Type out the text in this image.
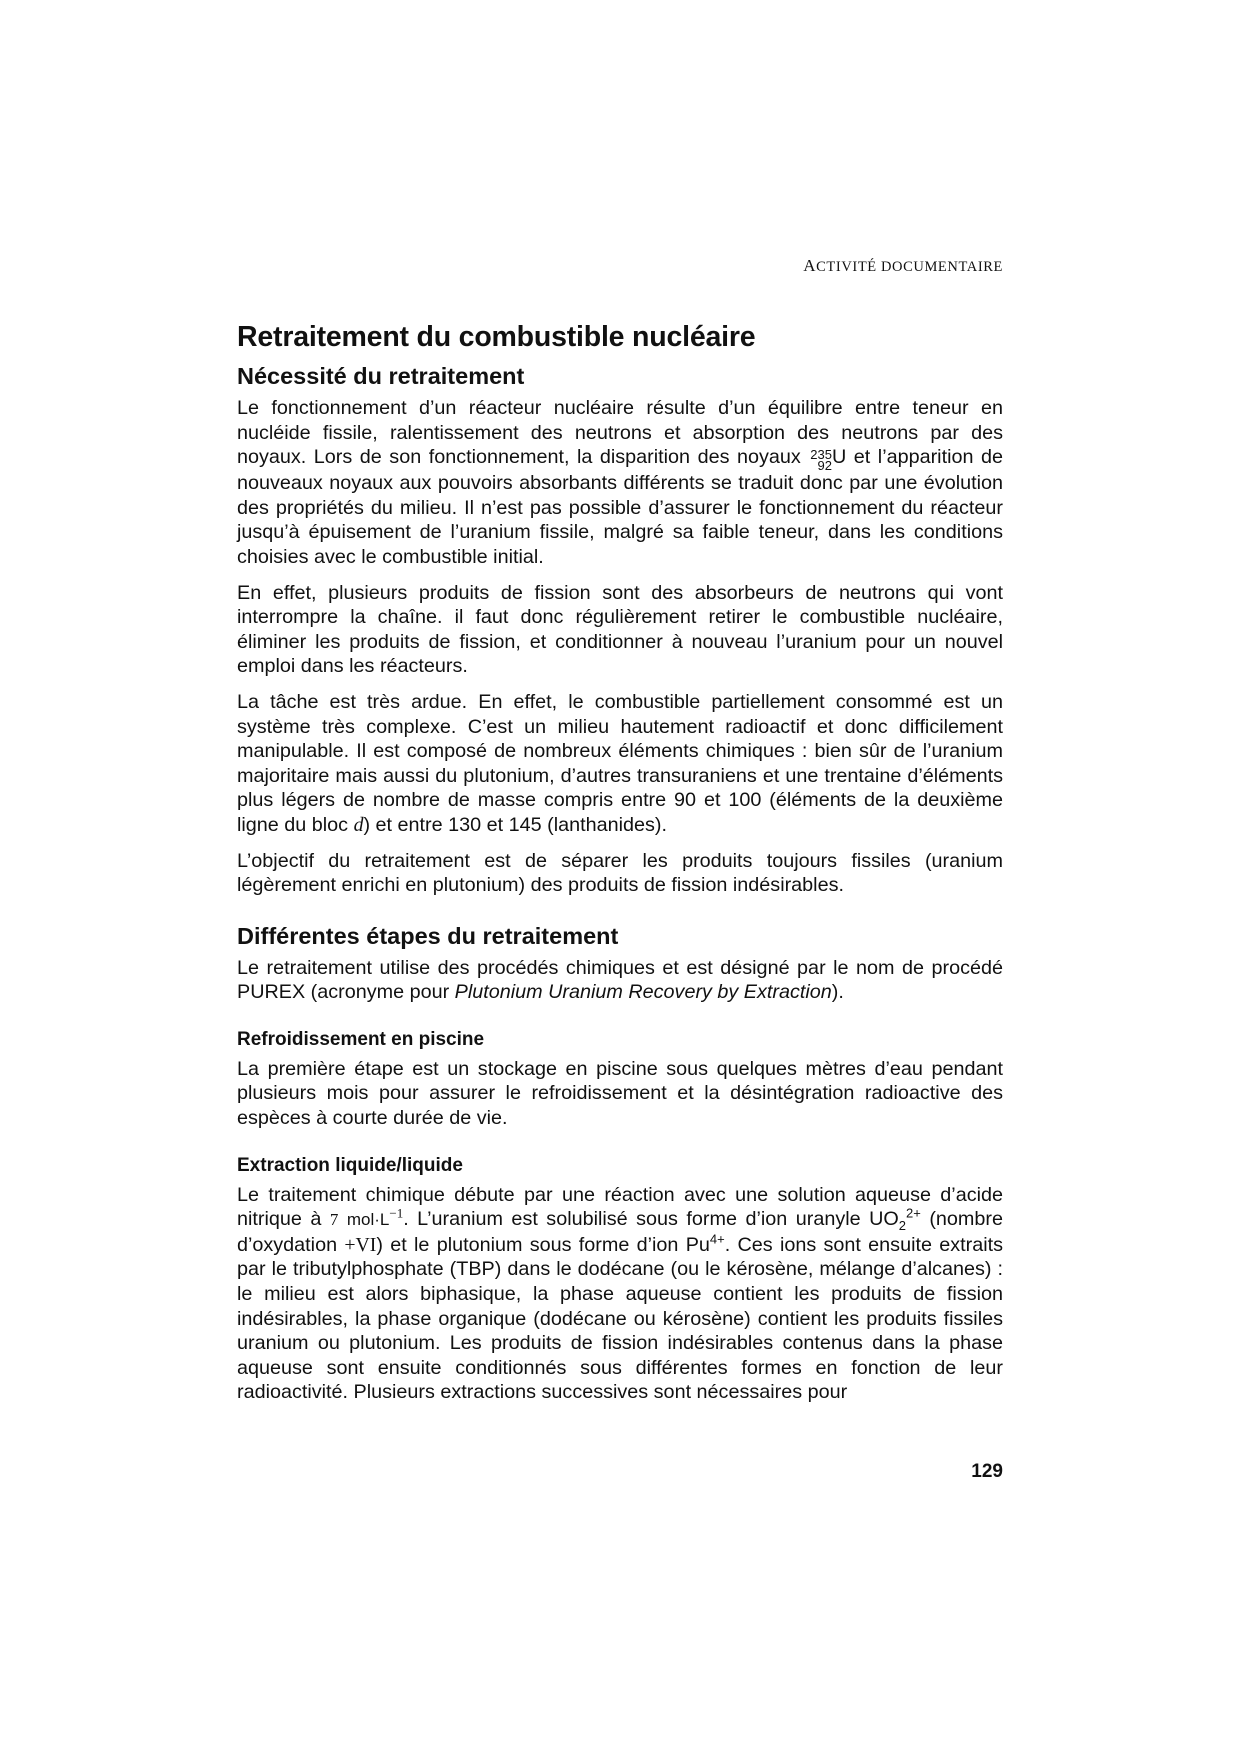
ACTIVITÉ DOCUMENTAIRE
Retraitement du combustible nucléaire
Nécessité du retraitement

Le fonctionnement d’un réacteur nucléaire résulte d’un équilibre entre teneur en nucléide fissile, ralentissement des neutrons et absorption des neutrons par des noyaux. Lors de son fonctionnement, la disparition des noyaux 235
92 U et l’apparition de nouveaux noyaux aux pouvoirs absorbants différents se traduit donc par une évolution des propriétés du milieu. Il n’est pas possible d’assurer le fonctionnement du réacteur jusqu’à épuisement de l’uranium fissile, malgré sa faible teneur, dans les conditions choisies avec le combustible initial.

En effet, plusieurs produits de fission sont des absorbeurs de neutrons qui vont interrompre la chaîne. il faut donc régulièrement retirer le combustible nucléaire, éliminer les produits de fission, et conditionner à nouveau l’uranium pour un nouvel emploi dans les réacteurs.

La tâche est très ardue. En effet, le combustible partiellement consommé est un système très complexe. C’est un milieu hautement radioactif et donc difficilement manipulable. Il est composé de nombreux éléments chimiques : bien sûr de l’uranium majoritaire mais aussi du plutonium, d’autres transuraniens et une trentaine d’éléments plus légers de nombre de masse compris entre 90 et 100 (éléments de la deuxième ligne du bloc d) et entre 130 et 145 (lanthanides).

L’objectif du retraitement est de séparer les produits toujours fissiles (uranium légèrement enrichi en plutonium) des produits de fission indésirables.

Différentes étapes du retraitement

Le retraitement utilise des procédés chimiques et est désigné par le nom de procédé PUREX (acronyme pour Plutonium Uranium Recovery by Extraction).

Refroidissement en piscine

La première étape est un stockage en piscine sous quelques mètres d’eau pendant plusieurs mois pour assurer le refroidissement et la désintégration radioactive des espèces à courte durée de vie.

Extraction liquide/liquide

Le traitement chimique débute par une réaction avec une solution aqueuse d’acide nitrique à 7 $mol\cdot L^{-1}$. L’uranium est solubilisé sous forme d’ion uranyle $UO_2^{2+}$ (nombre d’oxydation +VI) et le plutonium sous forme d’ion $Pu^{4+}$. Ces ions sont ensuite extraits par le tributylphosphate (TBP) dans le dodécane (ou le kérosène, mélange d’alcanes) : le milieu est alors biphasique, la phase aqueuse contient les produits de fission indésirables, la phase organique (dodécane ou kérosène) contient les produits fissiles uranium ou plutonium. Les produits de fission indésirables contenus dans la phase aqueuse sont ensuite conditionnés sous différentes formes en fonction de leur radioactivité. Plusieurs extractions successives sont nécessaires pour

129
